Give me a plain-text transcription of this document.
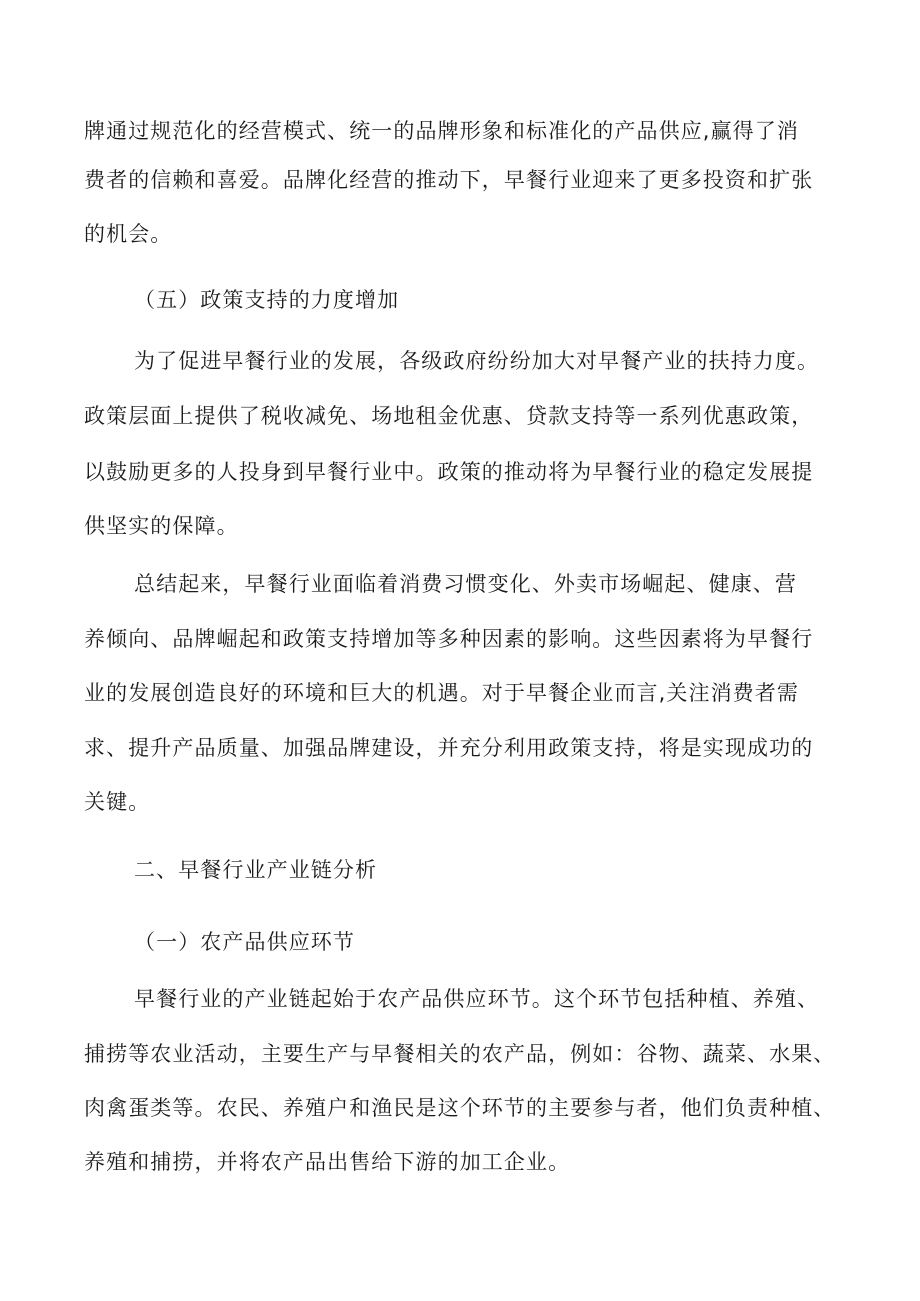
牌通过规范化的经营模式、统一的品牌形象和标准化的产品供应,赢得了消
费者的信赖和喜爱。品牌化经营的推动下，早餐行业迎来了更多投资和扩张
的机会。
（五）政策支持的力度增加
为了促进早餐行业的发展，各级政府纷纷加大对早餐产业的扶持力度。
政策层面上提供了税收减免、场地租金优惠、贷款支持等一系列优惠政策，
以鼓励更多的人投身到早餐行业中。政策的推动将为早餐行业的稳定发展提
供坚实的保障。
总结起来，早餐行业面临着消费习惯变化、外卖市场崛起、健康、营
养倾向、品牌崛起和政策支持增加等多种因素的影响。这些因素将为早餐行
业的发展创造良好的环境和巨大的机遇。对于早餐企业而言,关注消费者需
求、提升产品质量、加强品牌建设，并充分利用政策支持，将是实现成功的
关键。
二、早餐行业产业链分析
（一）农产品供应环节
早餐行业的产业链起始于农产品供应环节。这个环节包括种植、养殖、
捕捞等农业活动，主要生产与早餐相关的农产品，例如：谷物、蔬菜、水果、
肉禽蛋类等。农民、养殖户和渔民是这个环节的主要参与者，他们负责种植、
养殖和捕捞，并将农产品出售给下游的加工企业。
